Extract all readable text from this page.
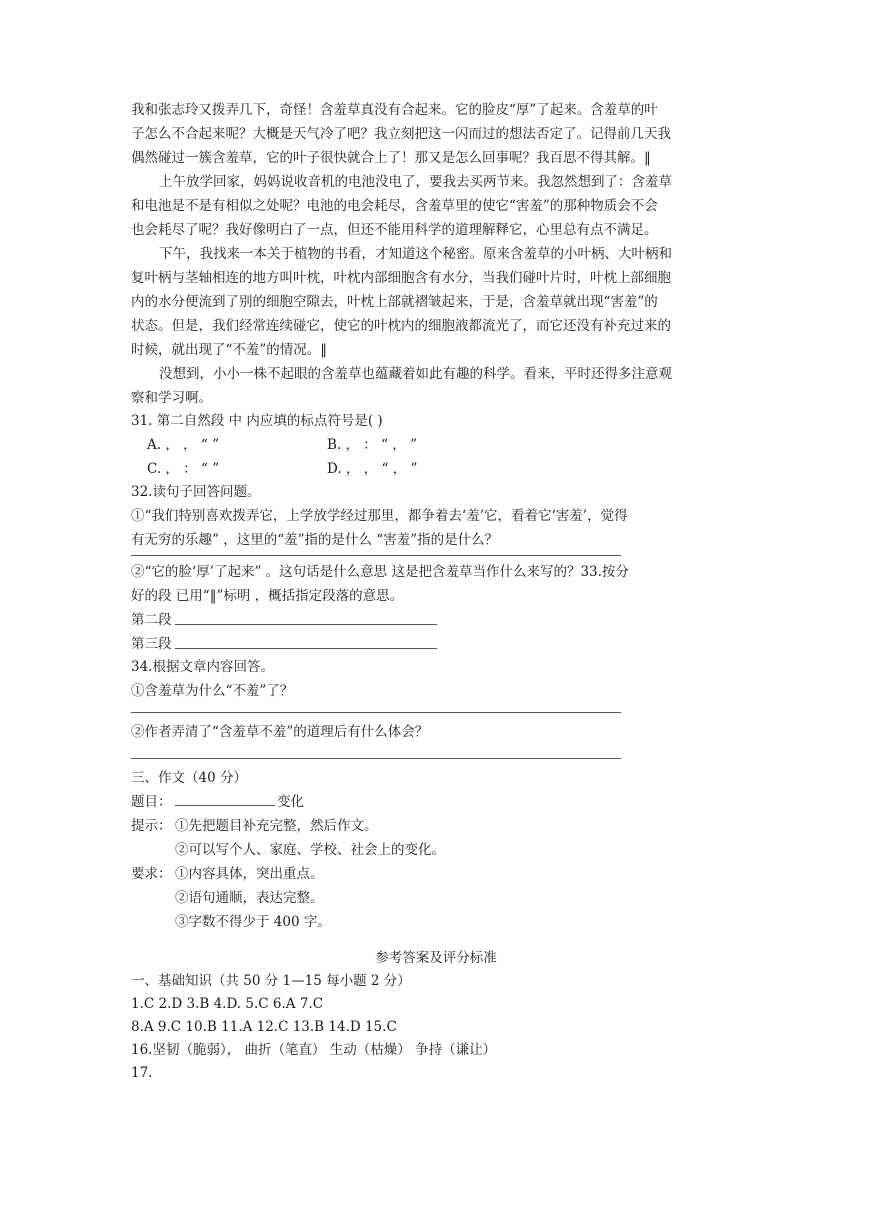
我和张志玲又拨弄几下，奇怪！含羞草真没有合起来。它的脸皮“厚”了起来。含羞草的叶
子怎么不合起来呢？大概是天气冷了吧？我立刻把这一闪而过的想法否定了。记得前几天我
偶然碰过一簇含羞草，它的叶子很快就合上了！那又是怎么回事呢？我百思不得其解。‖
上午放学回家，妈妈说收音机的电池没电了，要我去买两节来。我忽然想到了：含羞草
和电池是不是有相似之处呢？电池的电会耗尽，含羞草里的使它“害羞”的那种物质会不会
也会耗尽了呢？我好像明白了一点，但还不能用科学的道理解释它，心里总有点不满足。
下午，我找来一本关于植物的书看，才知道这个秘密。原来含羞草的小叶柄、大叶柄和
复叶柄与茎轴相连的地方叫叶枕，叶枕内部细胞含有水分，当我们碰叶片时，叶枕上部细胞
内的水分便流到了别的细胞空隙去，叶枕上部就褶皱起来，于是，含羞草就出现“害羞”的
状态。但是，我们经常连续碰它，使它的叶枕内的细胞液都流光了，而它还没有补充过来的
时候，就出现了“不羞”的情况。‖
没想到，小小一株不起眼的含羞草也蕴藏着如此有趣的科学。看来，平时还得多注意观
察和学习啊。
31. 第二自然段 中 内应填的标点符号是( )
A. ， ， “ ”	B. ， ： “ ， ”
C. ， ： “ ”	D. ， ， “ ， ”
32.读句子回答问题。
①“我们特别喜欢拨弄它，上学放学经过那里，都争着去‘羞’它，看着它‘害羞’，觉得
有无穷的乐趣” ，这里的“羞”指的是什么 “害羞”指的是什么？
②“它的脸‘厚’了起来” 。这句话是什么意思 这是把含羞草当作什么来写的？33.按分
好的段 已用“‖”标明 ，概括指定段落的意思。
第二段
第三段
34.根据文章内容回答。
①含羞草为什么“不羞”了？
②作者弄清了“含羞草不羞”的道理后有什么体会？
三、作文（40 分）
题目：	变化
提示： ①先把题目补充完整，然后作文。
②可以写个人、家庭、学校、社会上的变化。
要求： ①内容具体，突出重点。
②语句通顺，表达完整。
③字数不得少于 400 字。
参考答案及评分标准
一、基础知识（共 50 分 1—15 每小题 2 分）
1.C 2.D 3.B 4.D. 5.C 6.A 7.C
8.A 9.C 10.B 11.A 12.C 13.B 14.D 15.C
16.坚韧（脆弱）， 曲折（笔直） 生动（枯燥） 争持（谦让）
17.
